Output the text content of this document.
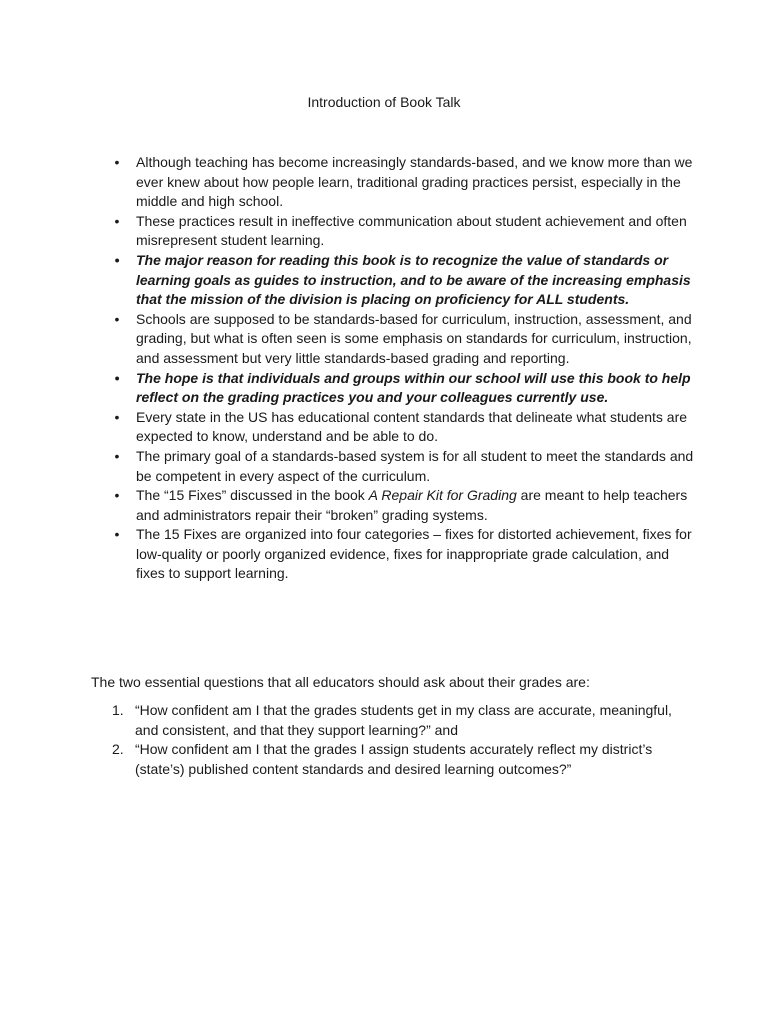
Introduction of Book Talk
•	Although teaching has become increasingly standards-based, and we know more than we ever knew about how people learn, traditional grading practices persist, especially in the middle and high school.
•	These practices result in ineffective communication about student achievement and often misrepresent student learning.
•	The major reason for reading this book is to recognize the value of standards or learning goals as guides to instruction, and to be aware of the increasing emphasis that the mission of the division is placing on proficiency for ALL students.
•	Schools are supposed to be standards-based for curriculum, instruction, assessment, and grading, but what is often seen is some emphasis on standards for curriculum, instruction, and assessment but very little standards-based grading and reporting.
•	The hope is that individuals and groups within our school will use this book to help reflect on the grading practices you and your colleagues currently use.
•	Every state in the US has educational content standards that delineate what students are expected to know, understand and be able to do.
•	The primary goal of a standards-based system is for all student to meet the standards and be competent in every aspect of the curriculum.
•	The “15 Fixes” discussed in the book A Repair Kit for Grading are meant to help teachers and administrators repair their “broken” grading systems.
•	The 15 Fixes are organized into four categories – fixes for distorted achievement, fixes for low-quality or poorly organized evidence, fixes for inappropriate grade calculation, and fixes to support learning.
The two essential questions that all educators should ask about their grades are:
1. “How confident am I that the grades students get in my class are accurate, meaningful, and consistent, and that they support learning?” and
2. “How confident am I that the grades I assign students accurately reflect my district’s (state’s) published content standards and desired learning outcomes?”
